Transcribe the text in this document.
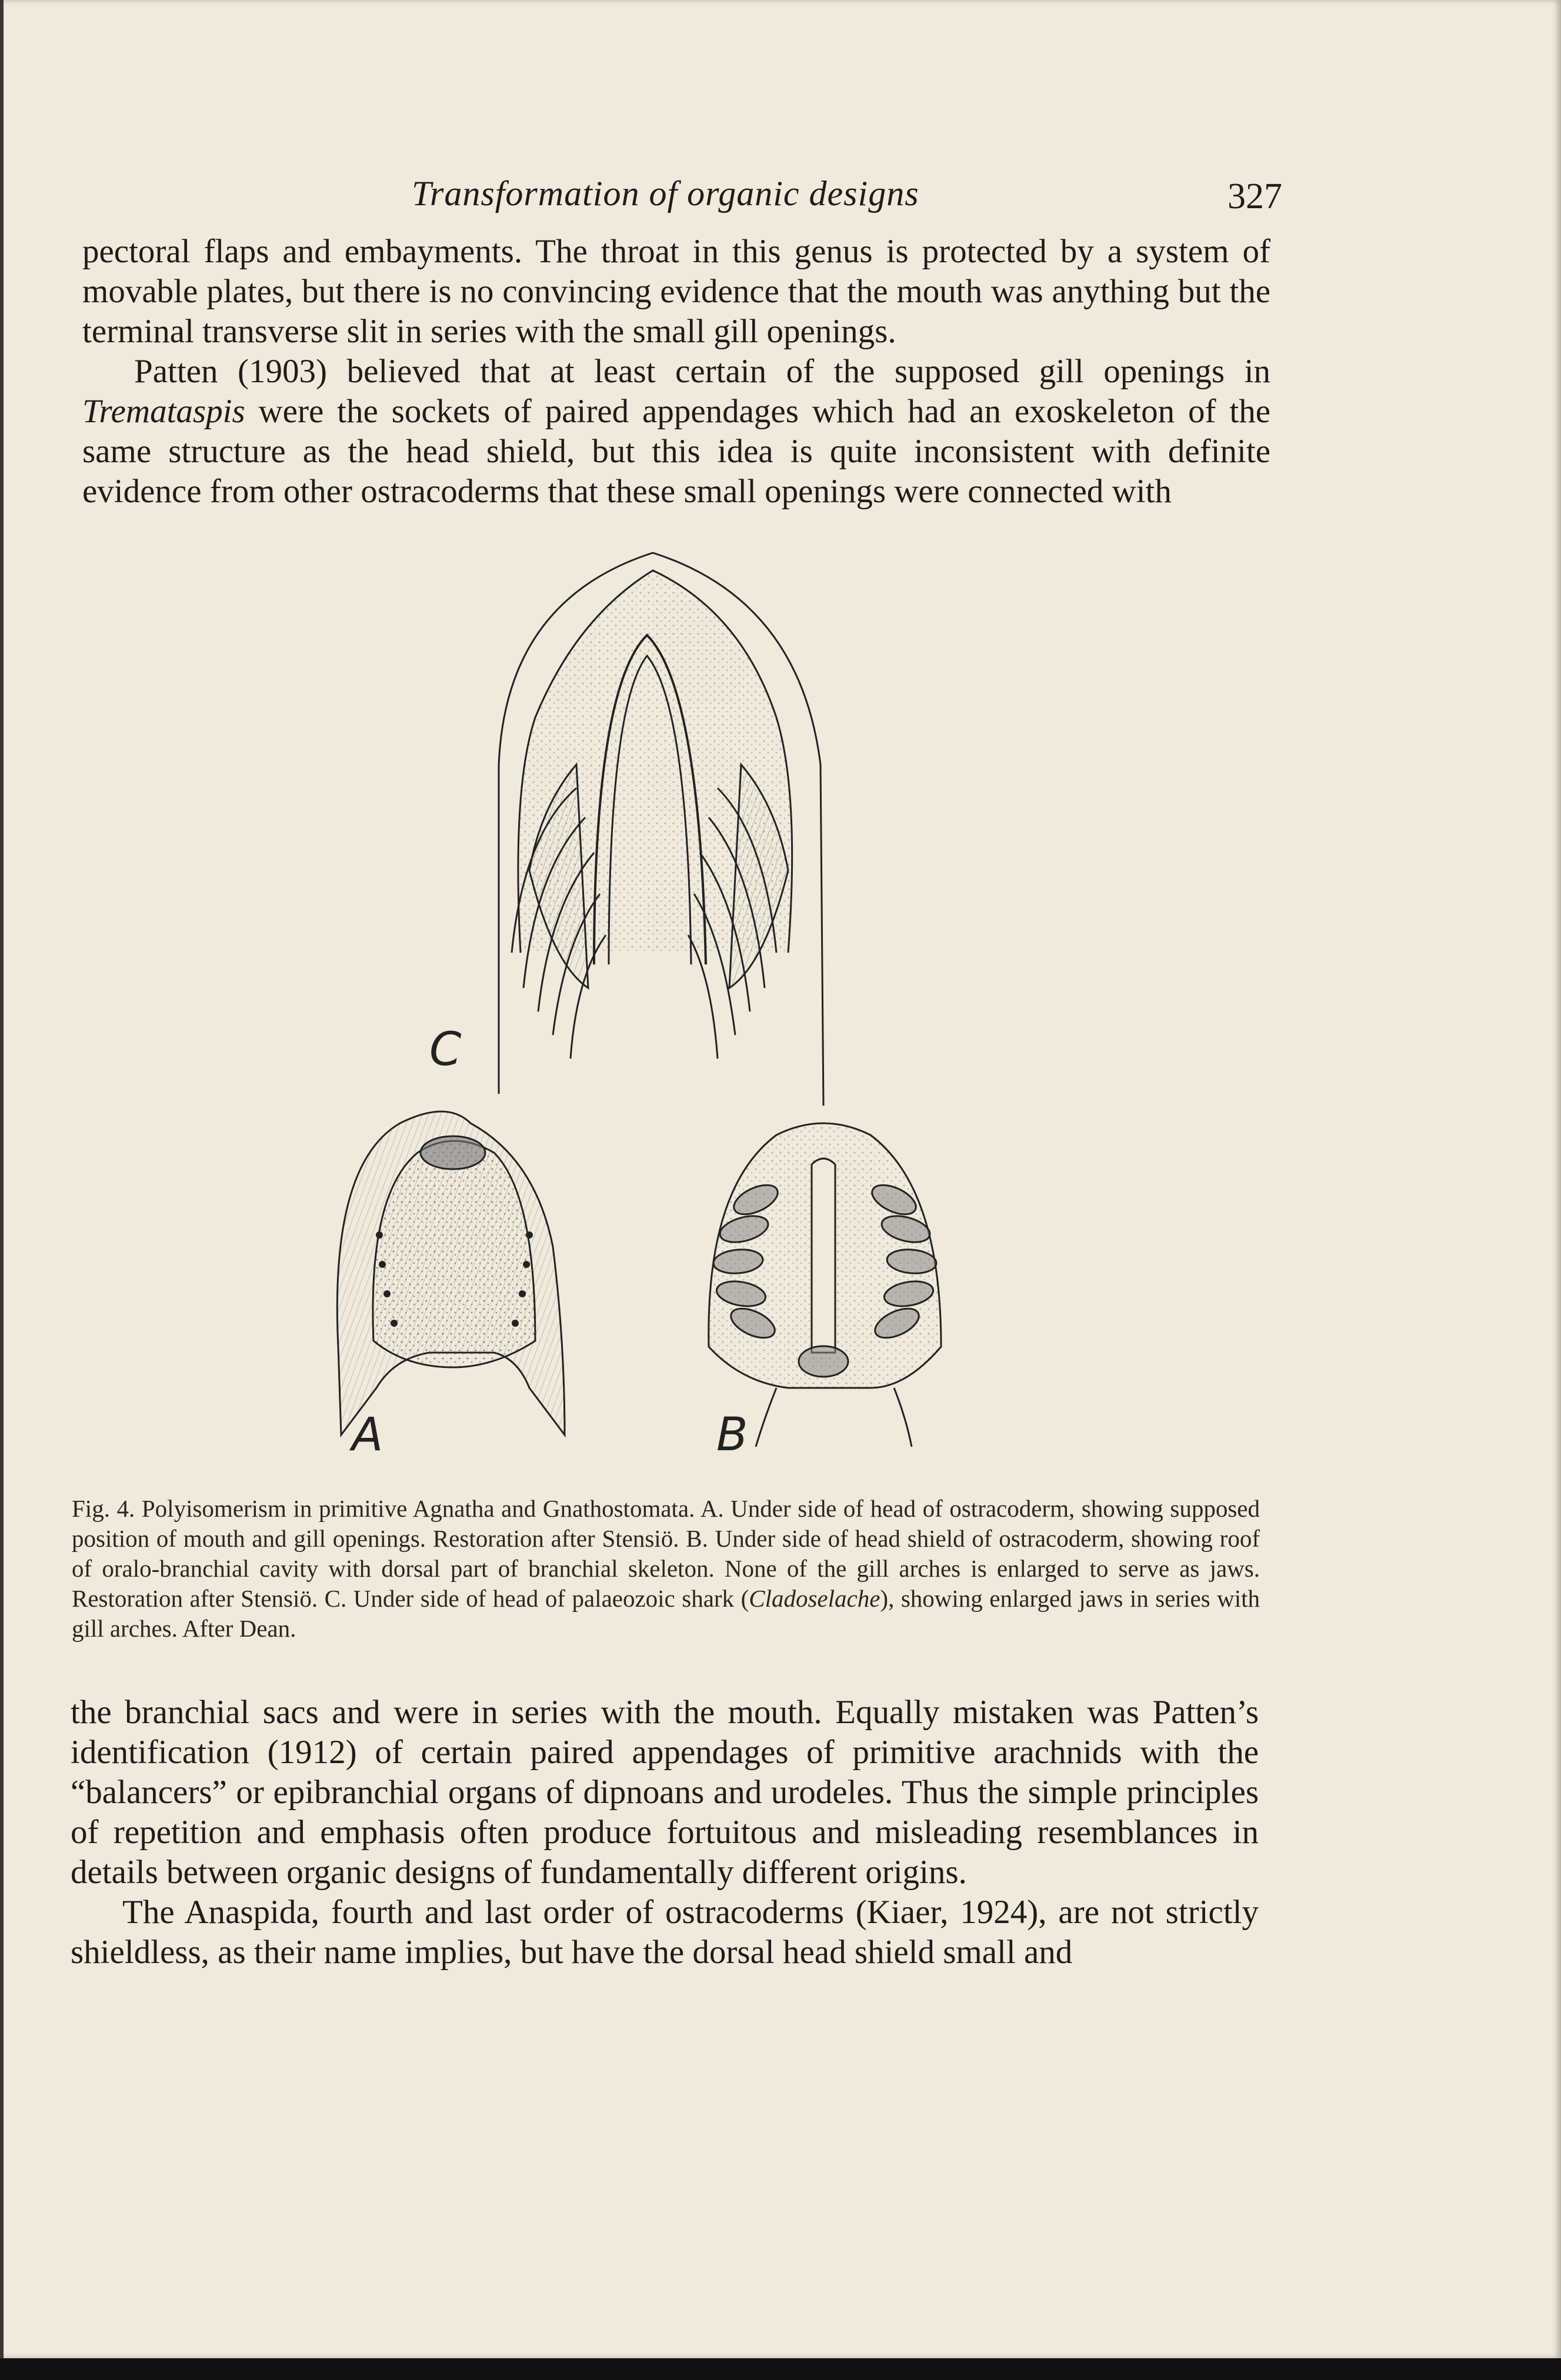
Transformation of organic designs	327

pectoral flaps and embayments. The throat in this genus is protected by a system of movable plates, but there is no convincing evidence that the mouth was anything but the terminal transverse slit in series with the small gill openings.

Patten (1903) believed that at least certain of the supposed gill openings in Trematаspis were the sockets of paired appendages which had an exoskeleton of the same structure as the head shield, but this idea is quite inconsistent with definite evidence from other ostracoderms that these small openings were connected with

A	B
C
Fig. 4. Polyisomerism in primitive Agnatha and Gnathostomata. A. Under side of head of ostracoderm, showing supposed position of mouth and gill openings. Restoration after Stensiö. B. Under side of head shield of ostracoderm, showing roof of oralo-branchial cavity with dorsal part of branchial skeleton. None of the gill arches is enlarged to serve as jaws. Restoration after Stensiö. C. Under side of head of palaeozoic shark (Cladoselache), showing enlarged jaws in series with gill arches. After Dean.

the branchial sacs and were in series with the mouth. Equally mistaken was Patten’s identification (1912) of certain paired appendages of primitive arachnids with the “balancers” or epibranchial organs of dipnoans and urodeles. Thus the simple principles of repetition and emphasis often produce fortuitous and misleading resemblances in details between organic designs of fundamentally different origins.

The Anaspida, fourth and last order of ostracoderms (Kiaer, 1924), are not strictly shieldless, as their name implies, but have the dorsal head shield small and
